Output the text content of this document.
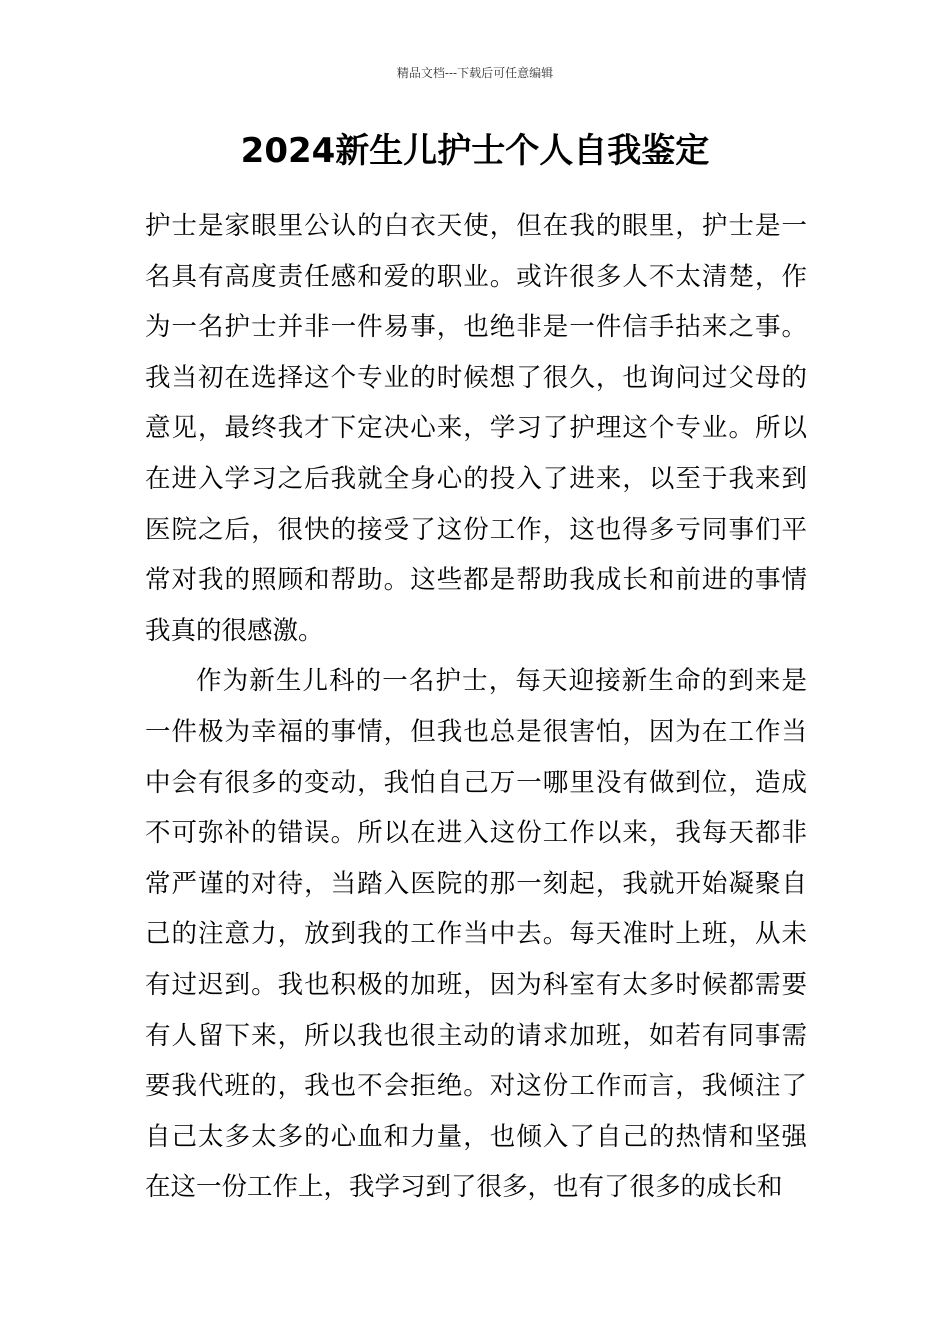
精品文档---下载后可任意编辑
2024新生儿护士个人自我鉴定

护士是家眼里公认的白衣天使，但在我的眼里，护士是一名具有高度责任感和爱的职业。或许很多人不太清楚，作为一名护士并非一件易事，也绝非是一件信手拈来之事。我当初在选择这个专业的时候想了很久，也询问过父母的意见，最终我才下定决心来，学习了护理这个专业。所以在进入学习之后我就全身心的投入了进来，以至于我来到医院之后，很快的接受了这份工作，这也得多亏同事们平常对我的照顾和帮助。这些都是帮助我成长和前进的事情我真的很感激。

作为新生儿科的一名护士，每天迎接新生命的到来是一件极为幸福的事情，但我也总是很害怕，因为在工作当中会有很多的变动，我怕自己万一哪里没有做到位，造成不可弥补的错误。所以在进入这份工作以来，我每天都非常严谨的对待，当踏入医院的那一刻起，我就开始凝聚自己的注意力，放到我的工作当中去。每天准时上班，从未有过迟到。我也积极的加班，因为科室有太多时候都需要有人留下来，所以我也很主动的请求加班，如若有同事需要我代班的，我也不会拒绝。对这份工作而言，我倾注了自己太多太多的心血和力量，也倾入了自己的热情和坚强在这一份工作上，我学习到了很多，也有了很多的成长和
